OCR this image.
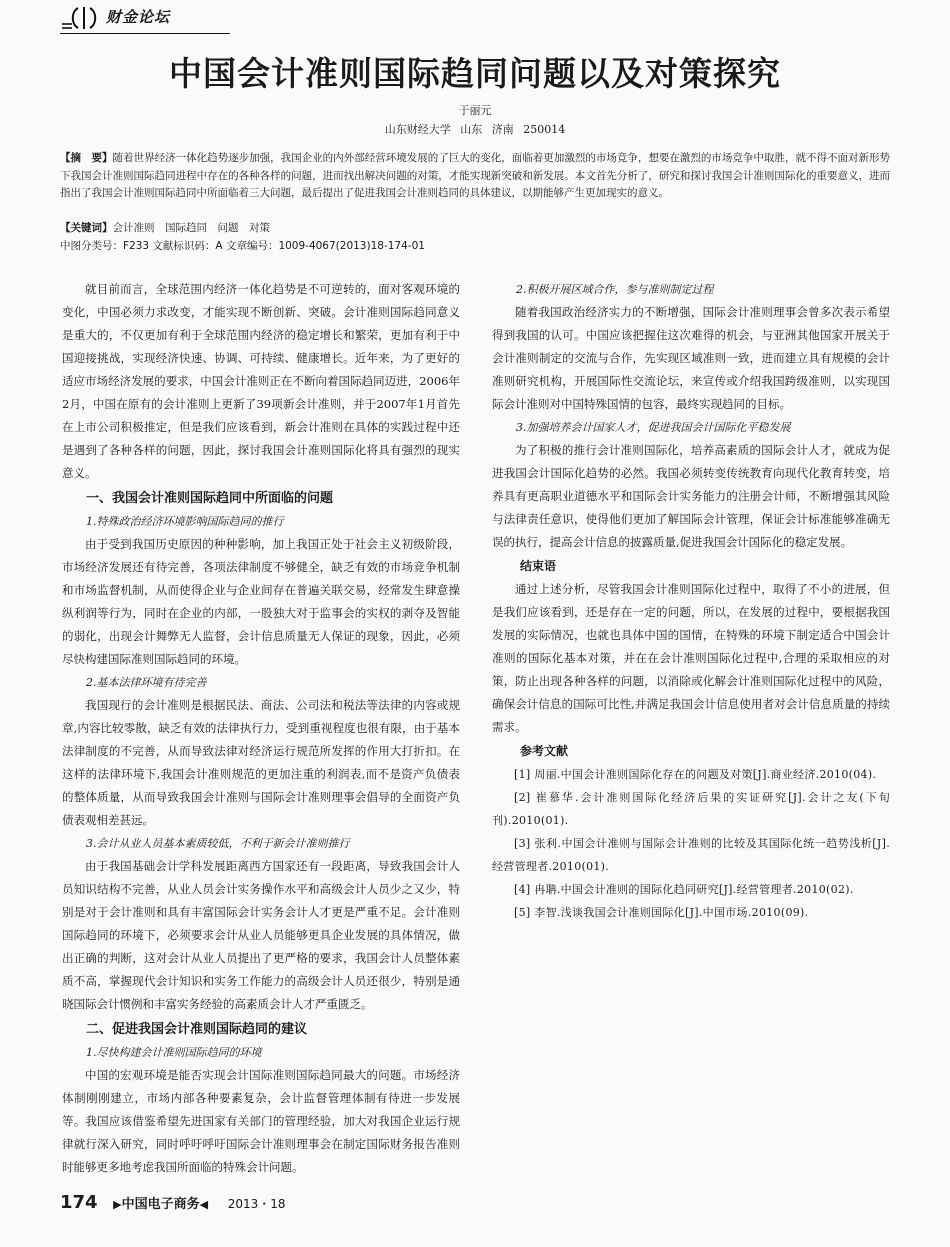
财金论坛
中国会计准则国际趋同问题以及对策探究
于丽元
山东财经大学 山东 济南 250014
【摘　要】随着世界经济一体化趋势逐步加强，我国企业的内外部经营环境发展的了巨大的变化，面临着更加激烈的市场竞争，想要在激烈的市场竞争中取胜，就不得不面对新形势下我国会计准则国际趋同进程中存在的各种各样的问题，进而找出解决问题的对策，才能实现新突破和新发展。本文首先分析了，研究和探讨我国会计准则国际化的重要意义，进而指出了我国会计准则国际趋同中所面临着三大问题，最后提出了促进我国会计准则趋同的具体建议，以期能够产生更加现实的意义。
【关键词】会计准则　国际趋同　问题　对策
中图分类号：F233 文献标识码：A 文章编号：1009-4067(2013)18-174-01

就目前而言，全球范围内经济一体化趋势是不可逆转的，面对客观环境的变化，中国必须力求改变，才能实现不断创新、突破。会计准则国际趋同意义是重大的，不仅更加有利于全球范围内经济的稳定增长和繁荣，更加有利于中国迎接挑战，实现经济快速、协调、可持续、健康增长。近年来，为了更好的适应市场经济发展的要求，中国会计准则正在不断向着国际趋同迈进，2006年2月，中国在原有的会计准则上更新了39项新会计准则，并于2007年1月首先在上市公司积极推定，但是我们应该看到，新会计准则在具体的实践过程中还是遇到了各种各样的问题，因此，探讨我国会计准则国际化将具有强烈的现实意义。

一、我国会计准则国际趋同中所面临的问题
1.特殊政治经济环境影响国际趋同的推行

由于受到我国历史原因的种种影响，加上我国正处于社会主义初级阶段，市场经济发展还有待完善，各项法律制度不够健全，缺乏有效的市场竞争机制和市场监督机制，从而使得企业与企业间存在普遍关联交易，经常发生肆意操纵利润等行为，同时在企业的内部，一股独大对于监事会的实权的剥夺及智能的弱化，出现会计舞弊无人监督，会计信息质量无人保证的现象，因此，必须尽快构建国际准则国际趋同的环境。

2.基本法律环境有待完善

我国现行的会计准则是根据民法、商法、公司法和税法等法律的内容或规章,内容比较零散，缺乏有效的法律执行力，受到重视程度也很有限，由于基本法律制度的不完善，从而导致法律对经济运行规范所发挥的作用大打折扣。在这样的法律环境下,我国会计准则规范的更加注重的利润表,而不是资产负债表的整体质量，从而导致我国会计准则与国际会计准则理事会倡导的全面资产负债表观相差甚远。

3.会计从业人员基本素质较低，不利于新会计准则推行

由于我国基础会计学科发展距离西方国家还有一段距离，导致我国会计人员知识结构不完善，从业人员会计实务操作水平和高级会计人员少之又少，特别是对于会计准则和具有丰富国际会计实务会计人才更是严重不足。会计准则国际趋同的环境下，必须要求会计从业人员能够更具企业发展的具体情况，做出正确的判断，这对会计从业人员提出了更严格的要求，我国会计人员整体素质不高，掌握现代会计知识和实务工作能力的高级会计人员还很少，特别是通晓国际会计惯例和丰富实务经验的高素质会计人才严重匮乏。

二、促进我国会计准则国际趋同的建议
1.尽快构建会计准则国际趋同的环境

中国的宏观环境是能否实现会计国际准则国际趋同最大的问题。市场经济体制刚刚建立，市场内部各种要素复杂，会计监督管理体制有待进一步发展等。我国应该借鉴希望先进国家有关部门的管理经验，加大对我国企业运行规律就行深入研究，同时呼吁呼吁国际会计准则理事会在制定国际财务报告准则时能够更多地考虑我国所面临的特殊会计问题。

2.积极开展区域合作，参与准则制定过程

随着我国政治经济实力的不断增强，国际会计准则理事会曾多次表示希望得到我国的认可。中国应该把握住这次难得的机会，与亚洲其他国家开展关于会计准则制定的交流与合作，先实现区域准则一致，进而建立具有规模的会计准则研究机构，开展国际性交流论坛，来宣传或介绍我国跨级准则，以实现国际会计准则对中国特殊国情的包容，最终实现趋同的目标。

3.加强培养会计国家人才，促进我国会计国际化平稳发展

为了积极的推行会计准则国际化，培养高素质的国际会计人才，就成为促进我国会计国际化趋势的必然。我国必须转变传统教育向现代化教育转变，培养具有更高职业道德水平和国际会计实务能力的注册会计师，不断增强其风险与法律责任意识，使得他们更加了解国际会计管理，保证会计标准能够准确无误的执行，提高会计信息的披露质量,促进我国会计国际化的稳定发展。

结束语

通过上述分析，尽管我国会计准则国际化过程中，取得了不小的进展，但是我们应该看到，还是存在一定的问题，所以，在发展的过程中，要根据我国发展的实际情况，也就也具体中国的国情，在特殊的环境下制定适合中国会计准则的国际化基本对策，并在在会计准则国际化过程中,合理的采取相应的对策，防止出现各种各样的问题，以消除或化解会计准则国际化过程中的风险，确保会计信息的国际可比性,并满足我国会计信息使用者对会计信息质量的持续需求。

参考文献

[1] 周丽.中国会计准则国际化存在的问题及对策[J].商业经济.2010(04).

[2] 崔慕华.会计准则国际化经济后果的实证研究[J].会计之友(下旬刊).2010(01).

[3] 张利.中国会计准则与国际会计准则的比较及其国际化统一趋势浅析[J].经营管理者.2010(01).

[4] 冉聃.中国会计准则的国际化趋同研究[J].经营管理者.2010(02).

[5] 李智.浅谈我国会计准则国际化[J].中国市场.2010(09).

174 ▶中国电子商务◀ 2013・18
